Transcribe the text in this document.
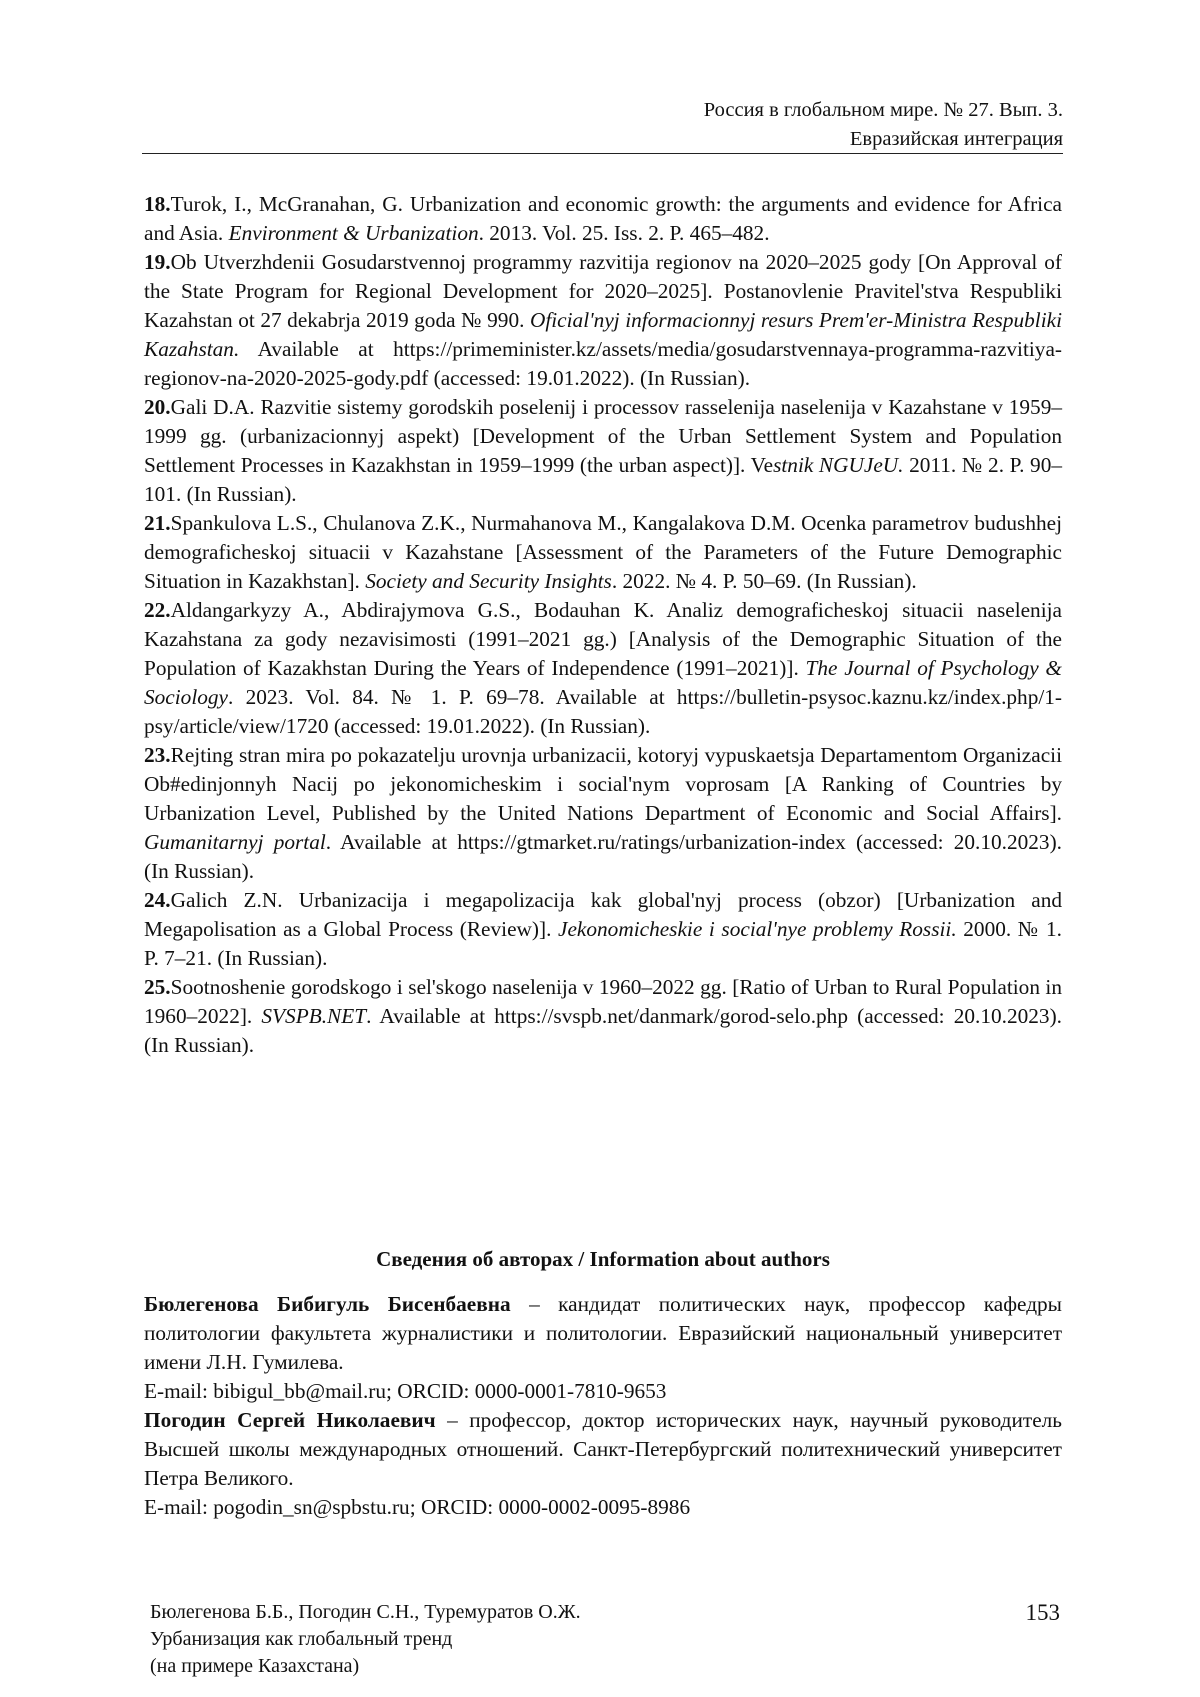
Россия в глобальном мире. № 27. Вып. 3.
Евразийская интеграция

18.Turok, I., McGranahan, G. Urbanization and economic growth: the arguments and evidence for Africa and Asia. Environment & Urbanization. 2013. Vol. 25. Iss. 2. P. 465–482.

19.Ob Utverzhdenii Gosudarstvennoj programmy razvitija regionov na 2020–2025 gody [On Approval of the State Program for Regional Development for 2020–2025]. Postanovlenie Pravitel'stva Respubliki Kazahstan ot 27 dekabrja 2019 goda № 990. Oficial'nyj informacionnyj resurs Prem'er-Ministra Respubliki Kazahstan. Available at https://primeminister.kz/assets/media/gosudarstvennaya-programma-razvitiya-regionov-na-2020-2025-gody.pdf (accessed: 19.01.2022). (In Russian).

20.Gali D.A. Razvitie sistemy gorodskih poselenij i processov rasselenija naselenija v Kazahstane v 1959–1999 gg. (urbanizacionnyj aspekt) [Development of the Urban Settlement System and Population Settlement Processes in Kazakhstan in 1959–1999 (the urban aspect)]. Vestnik NGUJeU. 2011. № 2. P. 90–101. (In Russian).

21.Spankulova L.S., Chulanova Z.K., Nurmahanova M., Kangalakova D.M. Ocenka parametrov budushhej demograficheskoj situacii v Kazahstane [Assessment of the Parameters of the Future Demographic Situation in Kazakhstan]. Society and Security Insights. 2022. № 4. P. 50–69. (In Russian).

22.Aldangarkyzy A., Abdirajymova G.S., Bodauhan K. Analiz demograficheskoj situacii naselenija Kazahstana za gody nezavisimosti (1991–2021 gg.) [Analysis of the Demographic Situation of the Population of Kazakhstan During the Years of Independence (1991–2021)]. The Journal of Psychology & Sociology. 2023. Vol. 84. № 1. P. 69–78. Available at https://bulletin-psysoc.kaznu.kz/index.php/1-psy/article/view/1720 (accessed: 19.01.2022). (In Russian).

23.Rejting stran mira po pokazatelju urovnja urbanizacii, kotoryj vypuskaetsja Departamentom Organizacii Ob#edinjonnyh Nacij po jekonomicheskim i social'nym voprosam [A Ranking of Countries by Urbanization Level, Published by the United Nations Department of Economic and Social Affairs]. Gumanitarnyj portal. Available at https://gtmarket.ru/ratings/urbanization-index (accessed: 20.10.2023). (In Russian).

24.Galich Z.N. Urbanizacija i megapolizacija kak global'nyj process (obzor) [Urbanization and Megapolisation as a Global Process (Review)]. Jekonomicheskie i social'nye problemy Rossii. 2000. № 1. P. 7–21. (In Russian).

25.Sootnoshenie gorodskogo i sel'skogo naselenija v 1960–2022 gg. [Ratio of Urban to Rural Population in 1960–2022]. SVSPB.NET. Available at https://svspb.net/danmark/gorod-selo.php (accessed: 20.10.2023). (In Russian).

Сведения об авторах / Information about authors

Бюлегенова Бибигуль Бисенбаевна – кандидат политических наук, профессор кафедры политологии факультета журналистики и политологии. Евразийский национальный университет имени Л.Н. Гумилева.

E-mail: bibigul_bb@mail.ru; ORCID: 0000-0001-7810-9653

Погодин Сергей Николаевич – профессор, доктор исторических наук, научный руководитель Высшей школы международных отношений. Санкт-Петербургский политехнический университет Петра Великого.

E-mail: pogodin_sn@spbstu.ru; ORCID: 0000-0002-0095-8986

Бюлегенова Б.Б., Погодин С.Н., Туремуратов О.Ж.
Урбанизация как глобальный тренд
(на примере Казахстана)
153
